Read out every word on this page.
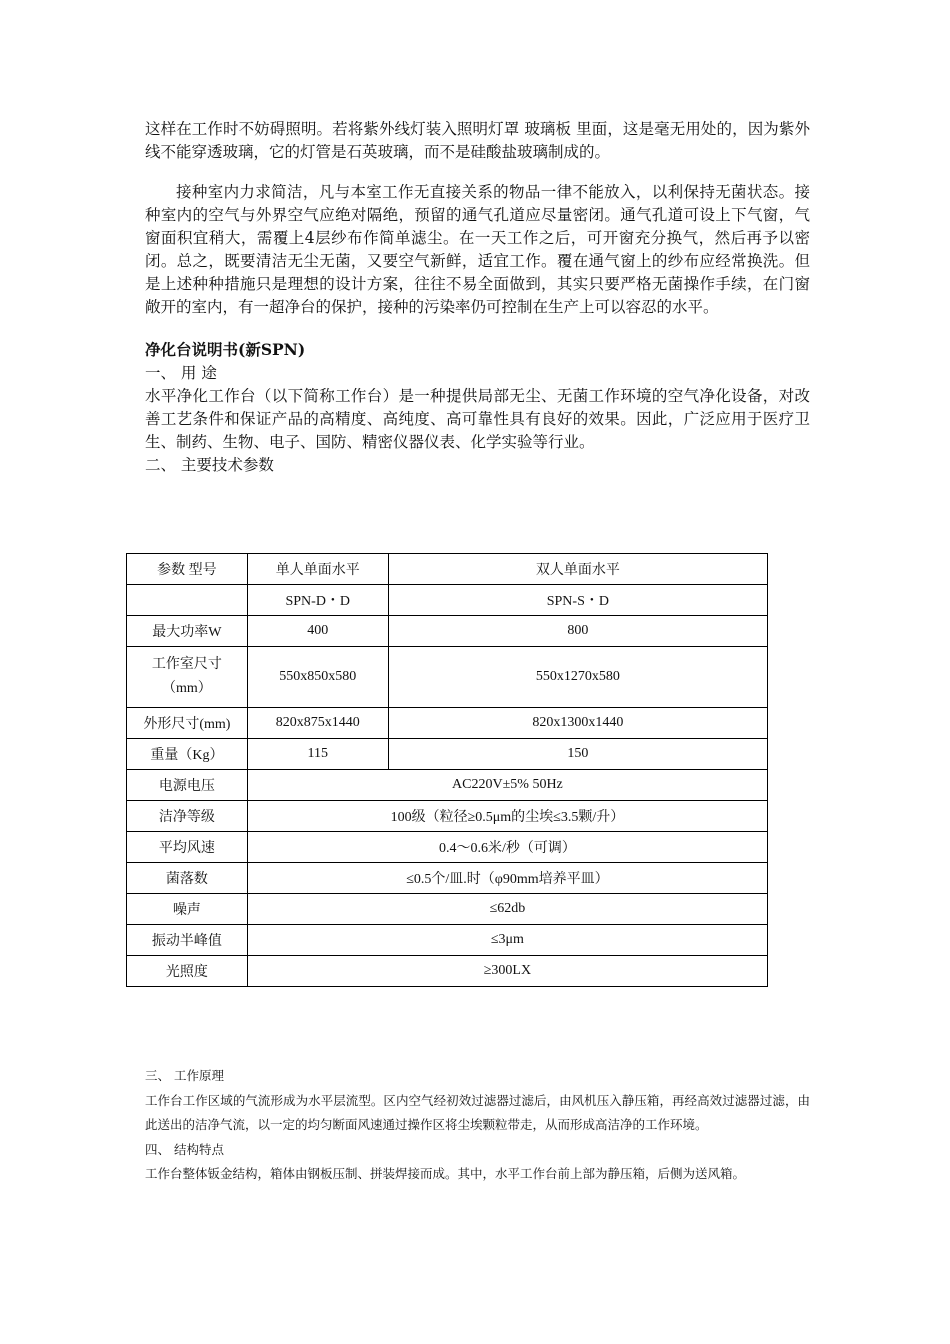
这样在工作时不妨碍照明。若将紫外线灯装入照明灯罩 玻璃板 里面，这是毫无用处的，因为紫外线不能穿透玻璃，它的灯管是石英玻璃，而不是硅酸盐玻璃制成的。

接种室内力求简洁，凡与本室工作无直接关系的物品一律不能放入，以利保持无菌状态。接种室内的空气与外界空气应绝对隔绝，预留的通气孔道应尽量密闭。通气孔道可设上下气窗，气窗面积宜稍大，需覆上4层纱布作简单滤尘。在一天工作之后，可开窗充分换气，然后再予以密闭。总之，既要清洁无尘无菌，又要空气新鲜，适宜工作。覆在通气窗上的纱布应经常换洗。但是上述种种措施只是理想的设计方案，往往不易全面做到，其实只要严格无菌操作手续，在门窗敞开的室内，有一超净台的保护，接种的污染率仍可控制在生产上可以容忍的水平。

净化台说明书(新SPN)

一、 用 途

水平净化工作台（以下简称工作台）是一种提供局部无尘、无菌工作环境的空气净化设备，对改善工艺条件和保证产品的高精度、高纯度、高可靠性具有良好的效果。因此，广泛应用于医疗卫生、制药、生物、电子、国防、精密仪器仪表、化学实验等行业。

二、 主要技术参数

参数 型号	单人单面水平	双人单面水平
	SPN-D・D	SPN-S・D
最大功率W	400	800
工作室尺寸
（mm）	550x850x580	550x1270x580
外形尺寸(mm)	820x875x1440	820x1300x1440
重量（Kg）	115	150
电源电压	AC220V±5% 50Hz	
洁净等级	100级（粒径≥0.5μm的尘埃≤3.5颗/升）	
平均风速	0.4～0.6米/秒（可调）	
菌落数	≤0.5个/皿.时（φ90mm培养平皿）	
噪声	≤62db	
振动半峰值	≤3μm	
光照度	≥300LX	

三、 工作原理

工作台工作区域的气流形成为水平层流型。区内空气经初效过滤器过滤后，由风机压入静压箱，再经高效过滤器过滤，由此送出的洁净气流，以一定的均匀断面风速通过操作区将尘埃颗粒带走，从而形成高洁净的工作环境。

四、 结构特点

工作台整体钣金结构，箱体由钢板压制、拼装焊接而成。其中，水平工作台前上部为静压箱，后侧为送风箱。
